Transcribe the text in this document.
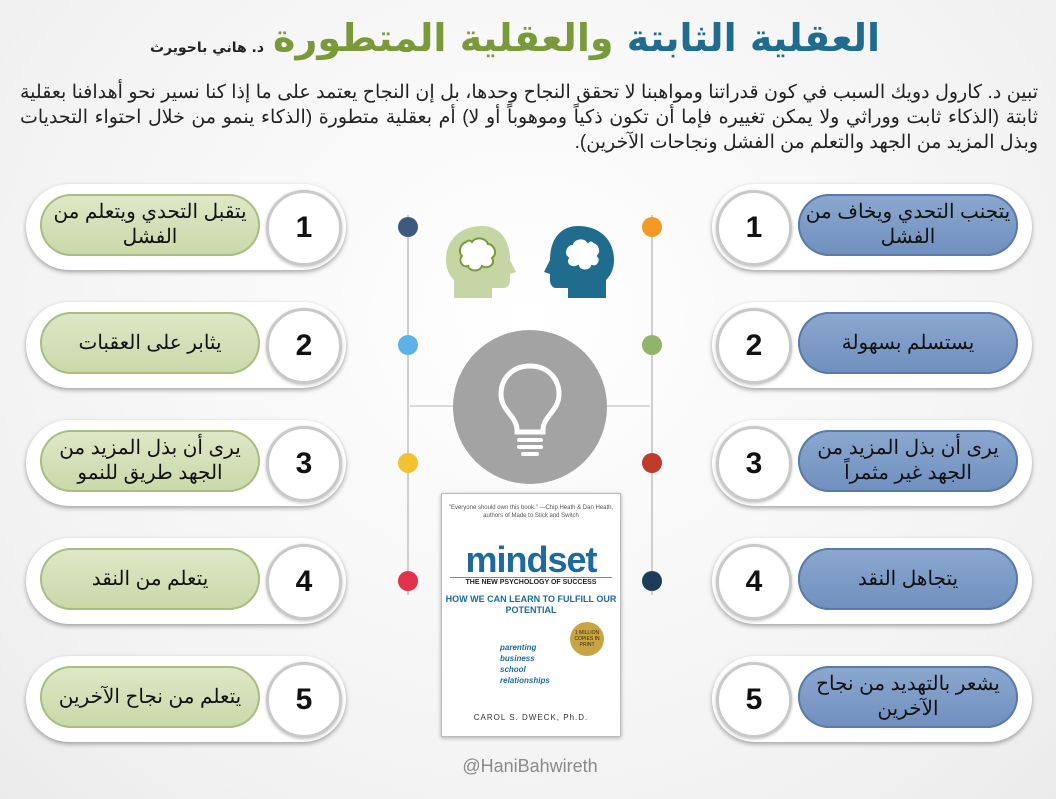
العقلية الثابتة والعقلية المتطورة
د. هاني باحويرث
تبين د. كارول دويك السبب في كون قدراتنا ومواهبنا لا تحقق النجاح وحدها، بل إن النجاح يعتمد على ما إذا كنا نسير نحو أهدافنا بعقلية ثابتة (الذكاء ثابت ووراثي ولا يمكن تغييره فإما أن تكون ذكياً وموهوباً أو لا) أم بعقلية متطورة (الذكاء ينمو من خلال احتواء التحديات وبذل المزيد من الجهد والتعلم من الفشل ونجاحات الآخرين).
"Everyone should own this book." —Chip Heath & Dan Heath, authors of Made to Stick and Switch
mindset
THE NEW PSYCHOLOGY OF SUCCESS
HOW WE CAN LEARN TO FULFILL OUR POTENTIAL
1 MILLION COPIES IN PRINT
parenting
business
school
relationships
CAROL S. DWECK, Ph.D.
@HaniBahwireth
1	يتجنب التحدي ويخاف من الفشل
2	يستسلم بسهولة
3	يرى أن بذل المزيد من الجهد غير مثمراً
4	يتجاهل النقد
5	يشعر بالتهديد من نجاح الآخرين
1
يتقبل التحدي ويتعلم من الفشل
2
يثابر على العقبات
3
يرى أن بذل المزيد من الجهد طريق للنمو
4
يتعلم من النقد
5
يتعلم من نجاح الآخرين
